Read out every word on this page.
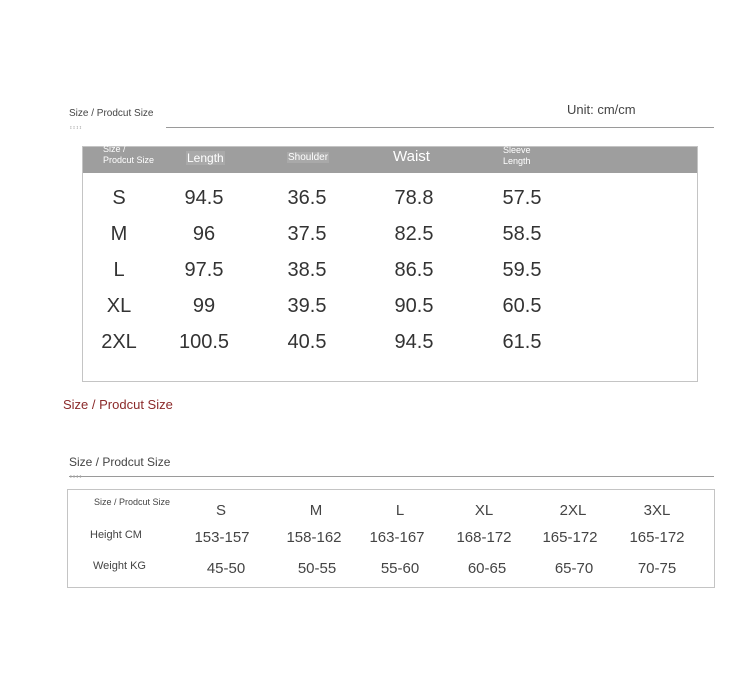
Size / Prodcut Size	Unit: cm/cm
ɪ ɪ ɪ ɪ
Size / Prodcut Size	Length	Shoulder	Waist	Sleeve Length
S	94.5	36.5	78.8	57.5
M	96	37.5	82.5	58.5
L	97.5	38.5	86.5	59.5
XL	99	39.5	90.5	60.5
2XL	100.5	40.5	94.5	61.5
Size / Prodcut Size
Size / Prodcut Size
ɪ ɪ ɪ ɪ
Size / Prodcut Size	S	M	L	XL	2XL	3XL
Height CM	153-157	158-162	163-167	168-172	165-172	165-172
Weight KG	45-50	50-55	55-60	60-65	65-70	70-75
